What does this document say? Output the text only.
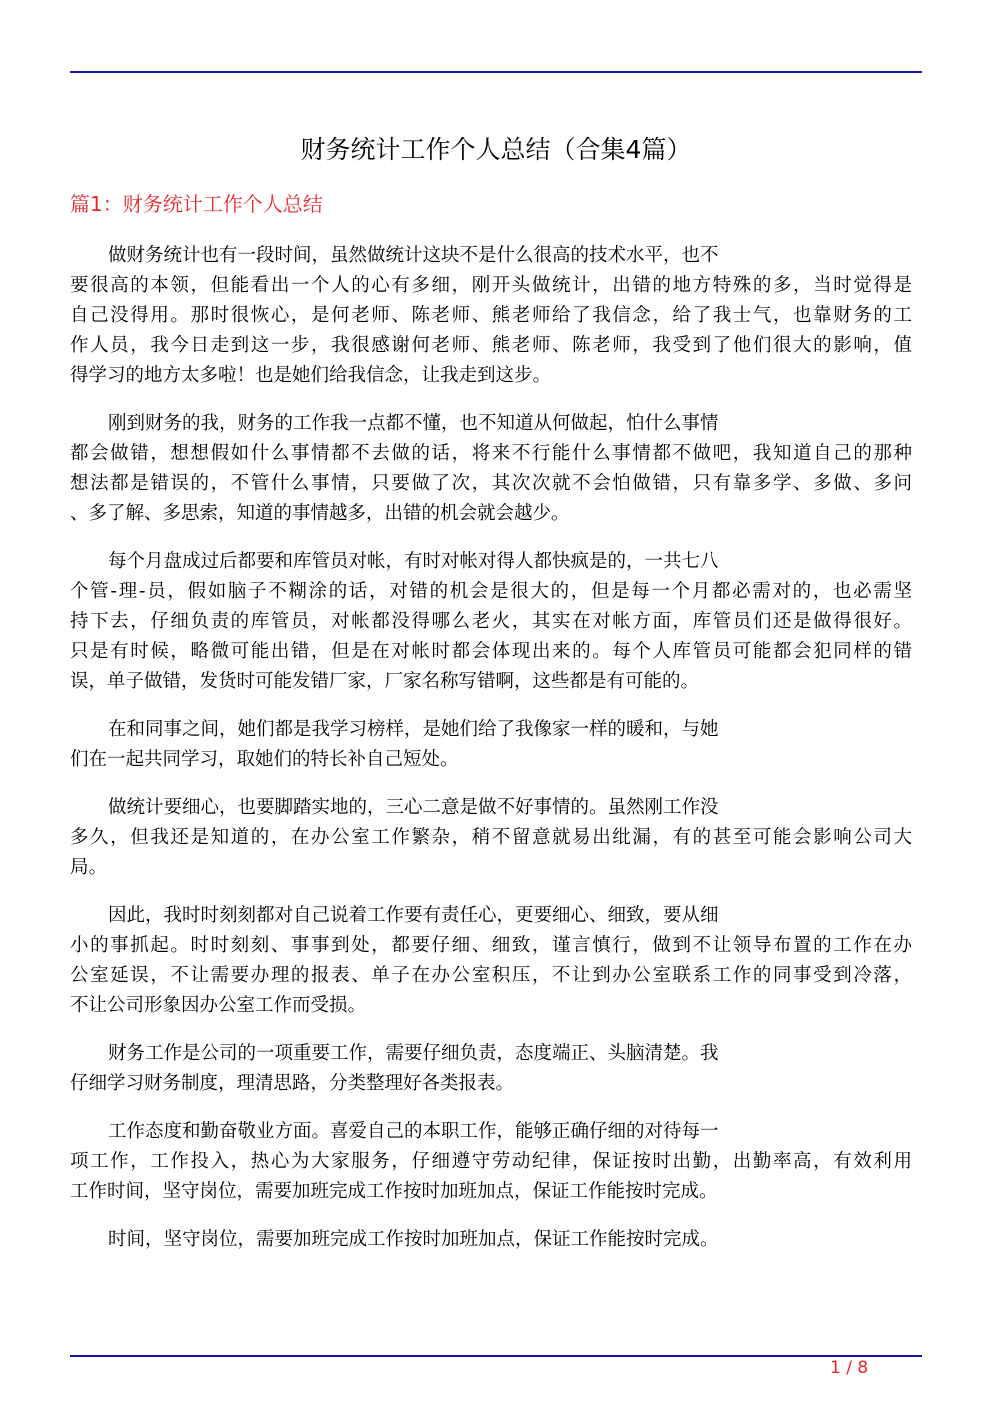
财务统计工作个人总结（合集4篇）
篇1：财务统计工作个人总结
做财务统计也有一段时间，虽然做统计这块不是什么很高的技术水平，也不
要很高的本领，但能看出一个人的心有多细，刚开头做统计，出错的地方特殊的多，当时觉得是
自己没得用。那时很恢心，是何老师、陈老师、熊老师给了我信念，给了我士气，也靠财务的工
作人员，我今日走到这一步，我很感谢何老师、熊老师、陈老师，我受到了他们很大的影响，值
得学习的地方太多啦！也是她们给我信念，让我走到这步。
刚到财务的我，财务的工作我一点都不懂，也不知道从何做起，怕什么事情
都会做错，想想假如什么事情都不去做的话，将来不行能什么事情都不做吧，我知道自己的那种
想法都是错误的，不管什么事情，只要做了次，其次次就不会怕做错，只有靠多学、多做、多问
、多了解、多思索，知道的事情越多，出错的机会就会越少。
每个月盘成过后都要和库管员对帐，有时对帐对得人都快疯是的，一共七八
个管-理-员，假如脑子不糊涂的话，对错的机会是很大的，但是每一个月都必需对的，也必需坚
持下去，仔细负责的库管员，对帐都没得哪么老火，其实在对帐方面，库管员们还是做得很好。
只是有时候，略微可能出错，但是在对帐时都会体现出来的。每个人库管员可能都会犯同样的错
误，单子做错，发货时可能发错厂家，厂家名称写错啊，这些都是有可能的。
在和同事之间，她们都是我学习榜样，是她们给了我像家一样的暖和，与她
们在一起共同学习，取她们的特长补自己短处。
做统计要细心，也要脚踏实地的，三心二意是做不好事情的。虽然刚工作没
多久，但我还是知道的，在办公室工作繁杂，稍不留意就易出纰漏，有的甚至可能会影响公司大
局。
因此，我时时刻刻都对自己说着工作要有责任心，更要细心、细致，要从细
小的事抓起。时时刻刻、事事到处，都要仔细、细致，谨言慎行，做到不让领导布置的工作在办
公室延误，不让需要办理的报表、单子在办公室积压，不让到办公室联系工作的同事受到冷落，
不让公司形象因办公室工作而受损。
财务工作是公司的一项重要工作，需要仔细负责，态度端正、头脑清楚。我
仔细学习财务制度，理清思路，分类整理好各类报表。
工作态度和勤奋敬业方面。喜爱自己的本职工作，能够正确仔细的对待每一
项工作，工作投入，热心为大家服务，仔细遵守劳动纪律，保证按时出勤，出勤率高，有效利用
工作时间，坚守岗位，需要加班完成工作按时加班加点，保证工作能按时完成。
时间，坚守岗位，需要加班完成工作按时加班加点，保证工作能按时完成。
1 / 8
